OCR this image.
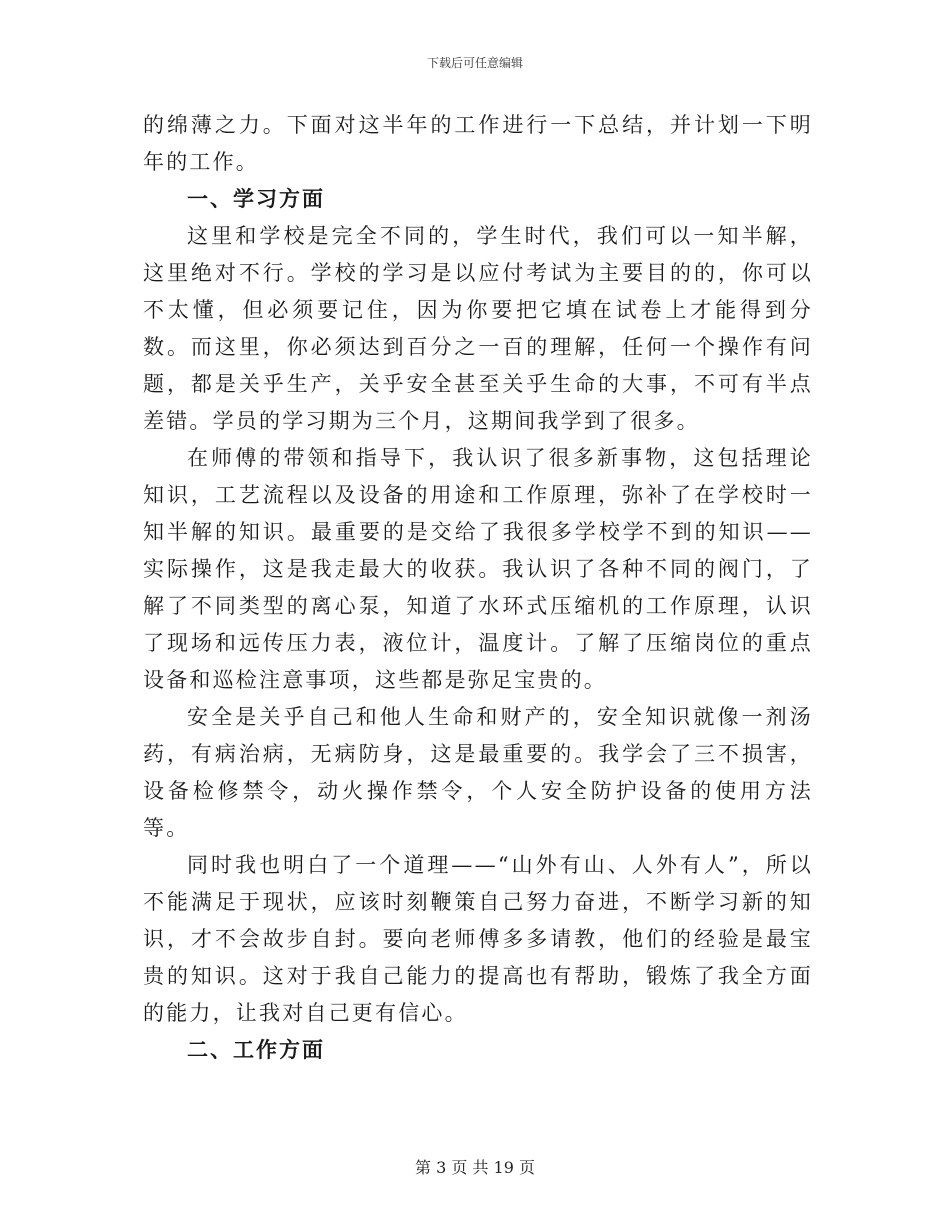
下载后可任意编辑

的绵薄之力。下面对这半年的工作进行一下总结，并计划一下明年的工作。

一、学习方面

这里和学校是完全不同的，学生时代，我们可以一知半解，这里绝对不行。学校的学习是以应付考试为主要目的的，你可以不太懂，但必须要记住，因为你要把它填在试卷上才能得到分数。而这里，你必须达到百分之一百的理解，任何一个操作有问题，都是关乎生产，关乎安全甚至关乎生命的大事，不可有半点差错。学员的学习期为三个月，这期间我学到了很多。

在师傅的带领和指导下，我认识了很多新事物，这包括理论知识，工艺流程以及设备的用途和工作原理，弥补了在学校时一知半解的知识。最重要的是交给了我很多学校学不到的知识——实际操作，这是我走最大的收获。我认识了各种不同的阀门，了解了不同类型的离心泵，知道了水环式压缩机的工作原理，认识了现场和远传压力表，液位计，温度计。了解了压缩岗位的重点设备和巡检注意事项，这些都是弥足宝贵的。

安全是关乎自己和他人生命和财产的，安全知识就像一剂汤药，有病治病，无病防身，这是最重要的。我学会了三不损害，设备检修禁令，动火操作禁令，个人安全防护设备的使用方法等。

同时我也明白了一个道理——“山外有山、人外有人”，所以不能满足于现状，应该时刻鞭策自己努力奋进，不断学习新的知识，才不会故步自封。要向老师傅多多请教，他们的经验是最宝贵的知识。这对于我自己能力的提高也有帮助，锻炼了我全方面的能力，让我对自己更有信心。

二、工作方面

第 3 页 共 19 页
